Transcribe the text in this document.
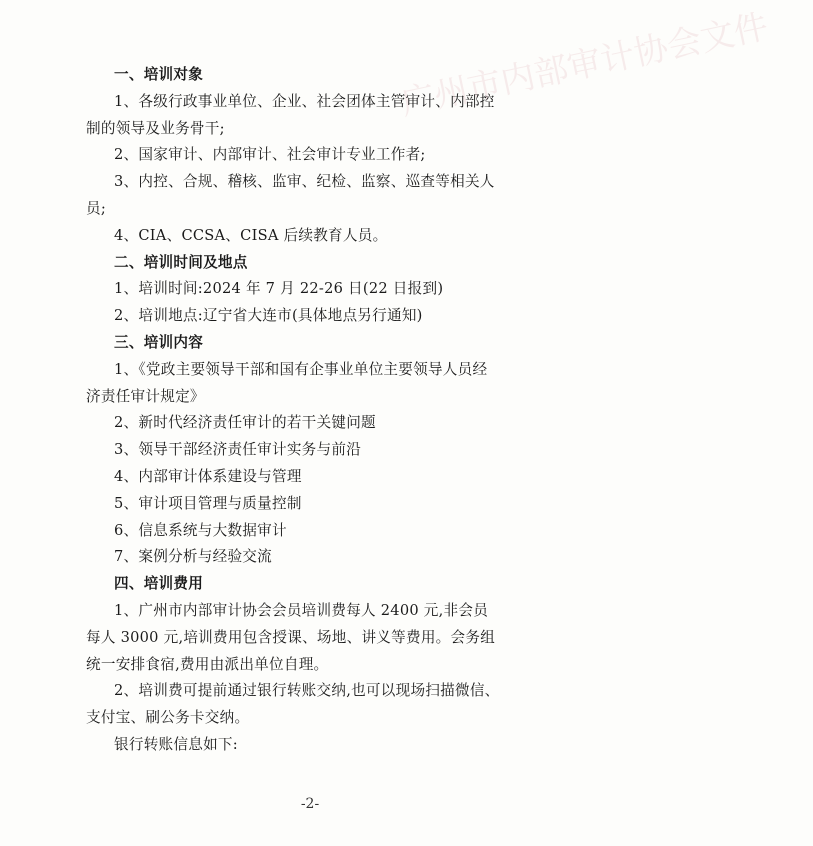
广州市内部审计协会文件
一、培训对象
1、各级行政事业单位、企业、社会团体主管审计、内部控
制的领导及业务骨干;
2、国家审计、内部审计、社会审计专业工作者;
3、内控、合规、稽核、监审、纪检、监察、巡查等相关人
员;
4、CIA、CCSA、CISA 后续教育人员。
二、培训时间及地点
1、培训时间:2024 年 7 月 22-26 日(22 日报到)
2、培训地点:辽宁省大连市(具体地点另行通知)
三、培训内容
1、《党政主要领导干部和国有企事业单位主要领导人员经
济责任审计规定》
2、新时代经济责任审计的若干关键问题
3、领导干部经济责任审计实务与前沿
4、内部审计体系建设与管理
5、审计项目管理与质量控制
6、信息系统与大数据审计
7、案例分析与经验交流
四、培训费用
1、广州市内部审计协会会员培训费每人 2400 元,非会员
每人 3000 元,培训费用包含授课、场地、讲义等费用。会务组
统一安排食宿,费用由派出单位自理。
2、培训费可提前通过银行转账交纳,也可以现场扫描微信、
支付宝、刷公务卡交纳。
银行转账信息如下:
-2-
